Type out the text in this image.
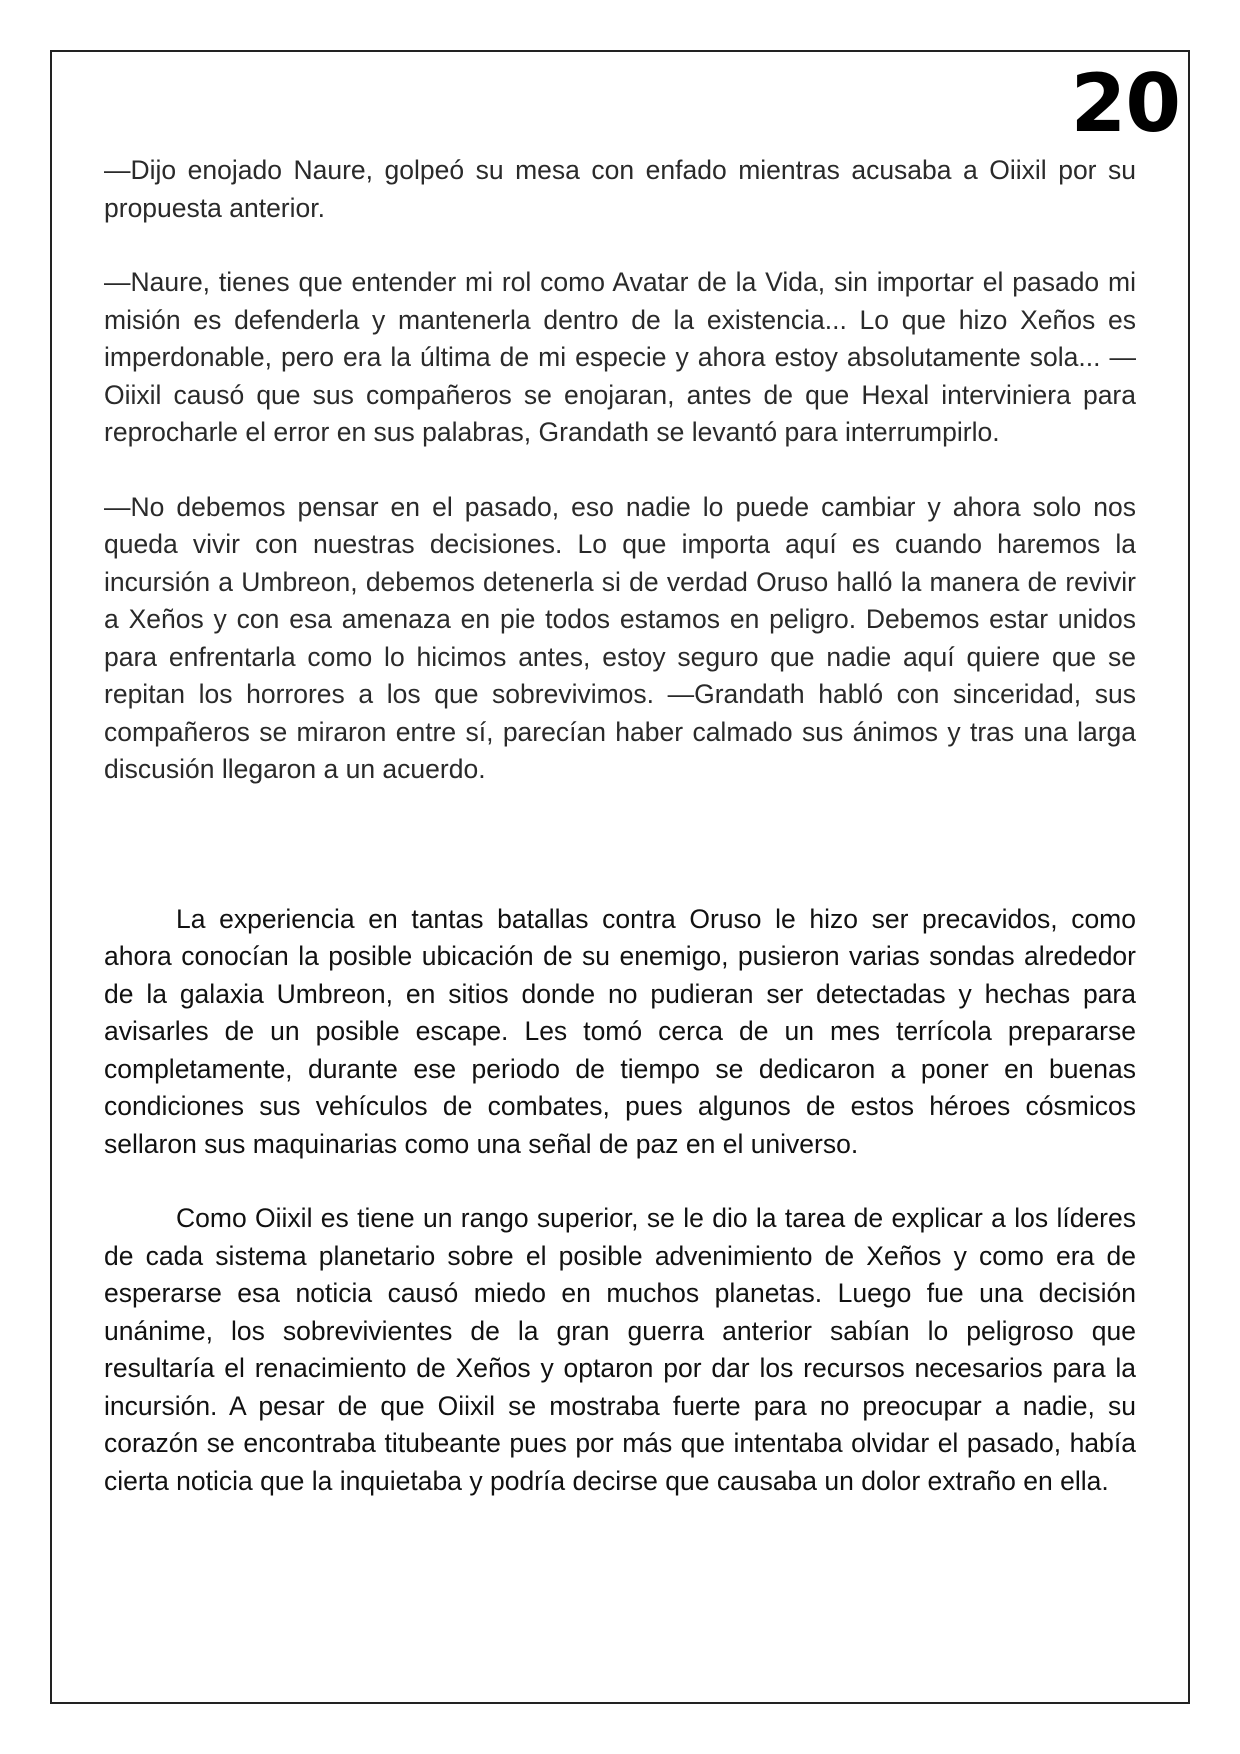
20

—Dijo enojado Naure, golpeó su mesa con enfado mientras acusaba a Oiixil por su propuesta anterior.

—Naure, tienes que entender mi rol como Avatar de la Vida, sin importar el pasado mi misión es defenderla y mantenerla dentro de la existencia... Lo que hizo Xeños es imperdonable, pero era la última de mi especie y ahora estoy absolutamente sola... —Oiixil causó que sus compañeros se enojaran, antes de que Hexal interviniera para reprocharle el error en sus palabras, Grandath se levantó para interrumpirlo.

—No debemos pensar en el pasado, eso nadie lo puede cambiar y ahora solo nos queda vivir con nuestras decisiones. Lo que importa aquí es cuando haremos la incursión a Umbreon, debemos detenerla si de verdad Oruso halló la manera de revivir a Xeños y con esa amenaza en pie todos estamos en peligro. Debemos estar unidos para enfrentarla como lo hicimos antes, estoy seguro que nadie aquí quiere que se repitan los horrores a los que sobrevivimos. —Grandath habló con sinceridad, sus compañeros se miraron entre sí, parecían haber calmado sus ánimos y tras una larga discusión llegaron a un acuerdo.

La experiencia en tantas batallas contra Oruso le hizo ser precavidos, como ahora conocían la posible ubicación de su enemigo, pusieron varias sondas alrededor de la galaxia Umbreon, en sitios donde no pudieran ser detectadas y hechas para avisarles de un posible escape. Les tomó cerca de un mes terrícola prepararse completamente, durante ese periodo de tiempo se dedicaron a poner en buenas condiciones sus vehículos de combates, pues algunos de estos héroes cósmicos sellaron sus maquinarias como una señal de paz en el universo.

Como Oiixil es tiene un rango superior, se le dio la tarea de explicar a los líderes de cada sistema planetario sobre el posible advenimiento de Xeños y como era de esperarse esa noticia causó miedo en muchos planetas. Luego fue una decisión unánime, los sobrevivientes de la gran guerra anterior sabían lo peligroso que resultaría el renacimiento de Xeños y optaron por dar los recursos necesarios para la incursión. A pesar de que Oiixil se mostraba fuerte para no preocupar a nadie, su corazón se encontraba titubeante pues por más que intentaba olvidar el pasado, había cierta noticia que la inquietaba y podría decirse que causaba un dolor extraño en ella.
